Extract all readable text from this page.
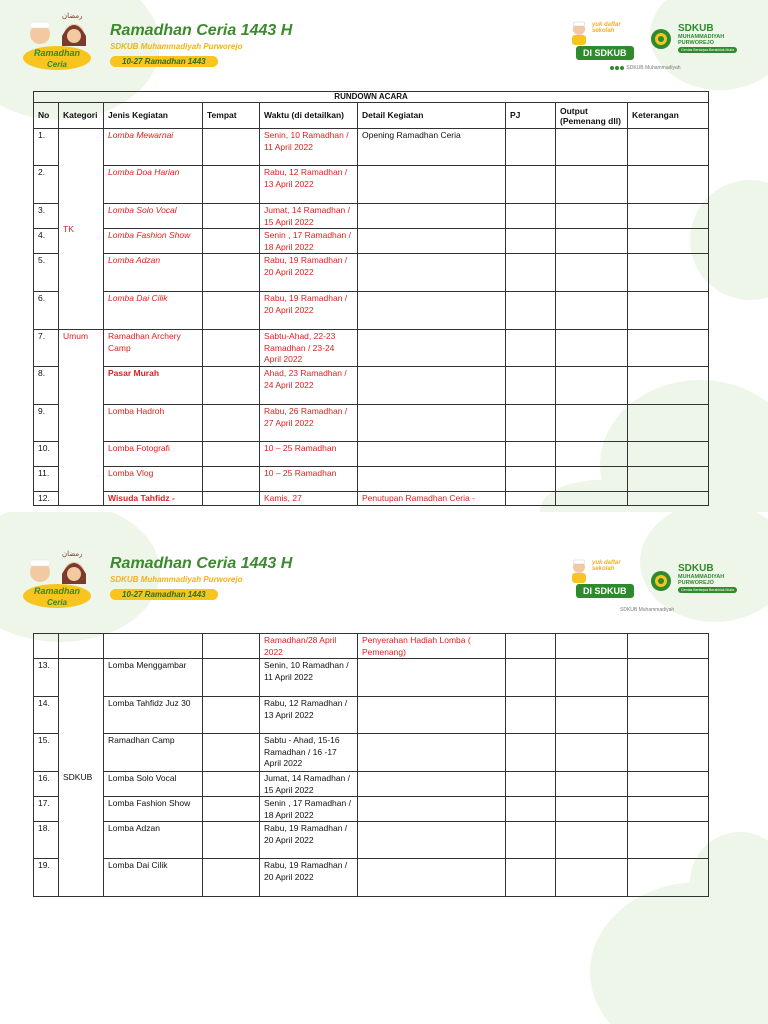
Ramadhan
Ceria
رمضان
Ramadhan Ceria 1443 H
SDKUB Muhammadiyah Purworejo
10-27 Ramadhan 1443
yuk daftar
sekolah
DI SDKUB
SDKUB
MUHAMMADIYAH
PURWOREJO
Cerdas Bertaqwa Berakhlak Mulia
SDKUB Muhammadiyah
RUNDOWN ACARA								
No	Kategori	Jenis Kegiatan	Tempat	Waktu (di detailkan)	Detail Kegiatan	PJ	Output (Pemenang dll)	Keterangan
1.	TK	Lomba Mewarnai		Senin, 10 Ramadhan / 11 April 2022	Opening Ramadhan Ceria			
2.		Lomba Doa Harian		Rabu, 12 Ramadhan / 13 April 2022				
3.		Lomba Solo Vocal		Jumat, 14 Ramadhan / 15 April 2022				
4.		Lomba Fashion Show		Senin , 17 Ramadhan / 18 April 2022				
5.		Lomba Adzan		Rabu, 19 Ramadhan / 20 April 2022				
6.		Lomba Dai Cilik		Rabu, 19 Ramadhan / 20 April 2022				
7.	Umum	Ramadhan Archery Camp		Sabtu-Ahad, 22-23 Ramadhan / 23-24 April 2022				
8.		Pasar Murah		Ahad, 23 Ramadhan / 24 April 2022				
9.		Lomba Hadroh		Rabu, 26 Ramadhan / 27 April 2022				
10.		Lomba Fotografi		10 – 25 Ramadhan				
11.		Lomba Vlog		10 – 25 Ramadhan				
12.		Wisuda Tahfidz -		Kamis, 27	Penutupan Ramadhan Ceria -			
Ramadhan
Ceria
رمضان
Ramadhan Ceria 1443 H
SDKUB Muhammadiyah Purworejo
10-27 Ramadhan 1443
yuk daftar
sekolah
DI SDKUB
SDKUB
MUHAMMADIYAH
PURWOREJO
Cerdas Bertaqwa Berakhlak Mulia
SDKUB Muhammadiyah
				Ramadhan/28 April 2022	Penyerahan Hadiah Lomba ( Pemenang)			
13.	SDKUB	Lomba Menggambar		Senin, 10 Ramadhan / 11 April 2022				
14.		Lomba Tahfidz Juz 30		Rabu, 12 Ramadhan / 13 April 2022				
15.		Ramadhan Camp		Sabtu - Ahad, 15-16 Ramadhan / 16 -17 April 2022				
16.		Lomba Solo Vocal		Jumat, 14 Ramadhan / 15 April 2022				
17.		Lomba Fashion Show		Senin , 17 Ramadhan / 18 April 2022				
18.		Lomba Adzan		Rabu, 19 Ramadhan / 20 April 2022				
19.		Lomba Dai Cilik		Rabu, 19 Ramadhan / 20 April 2022				
